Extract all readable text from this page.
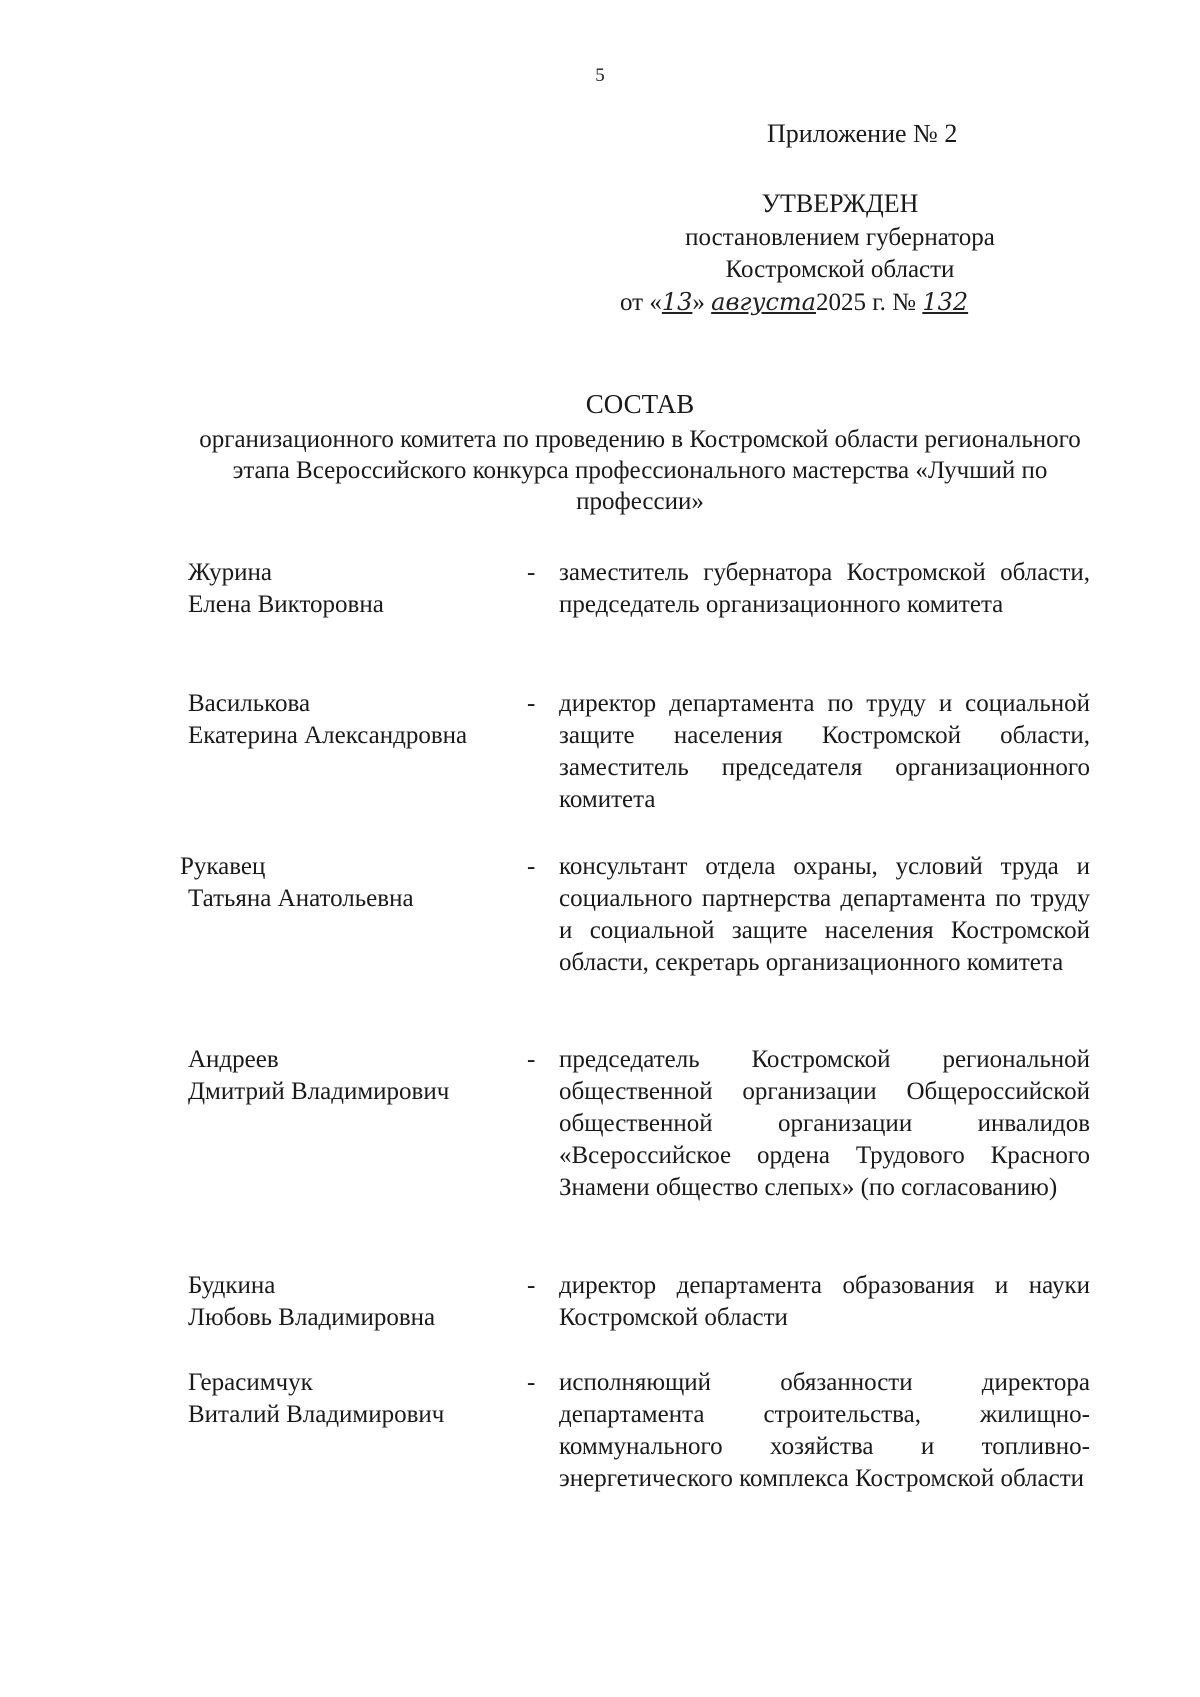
5
Приложение № 2
УТВЕРЖДЕН
постановлением губернатора
Костромской области
от «13» августа2025 г. № 132
СОСТАВ
организационного комитета по проведению в Костромской области регионального этапа Всероссийского конкурса профессионального мастерства «Лучший по профессии»
Журина
Елена Викторовна
- заместитель губернатора Костромской области, председатель организационного комитета
Василькова
Екатерина Александровна
- директор департамента по труду и социальной защите населения Костромской области, заместитель председателя организационного комитета
Рукавец
Татьяна Анатольевна
- консультант отдела охраны, условий труда и социального партнерства департамента по труду и социальной защите населения Костромской области, секретарь организационного комитета
Андреев
Дмитрий Владимирович
- председатель Костромской региональной общественной организации Общероссийской общественной организации инвалидов «Всероссийское ордена Трудового Красного Знамени общество слепых» (по согласованию)
Будкина
Любовь Владимировна
- директор департамента образования и науки Костромской области
Герасимчук
Виталий Владимирович
- исполняющий обязанности директора департамента строительства, жилищно-коммунального хозяйства и топливно-энергетического комплекса Костромской области
